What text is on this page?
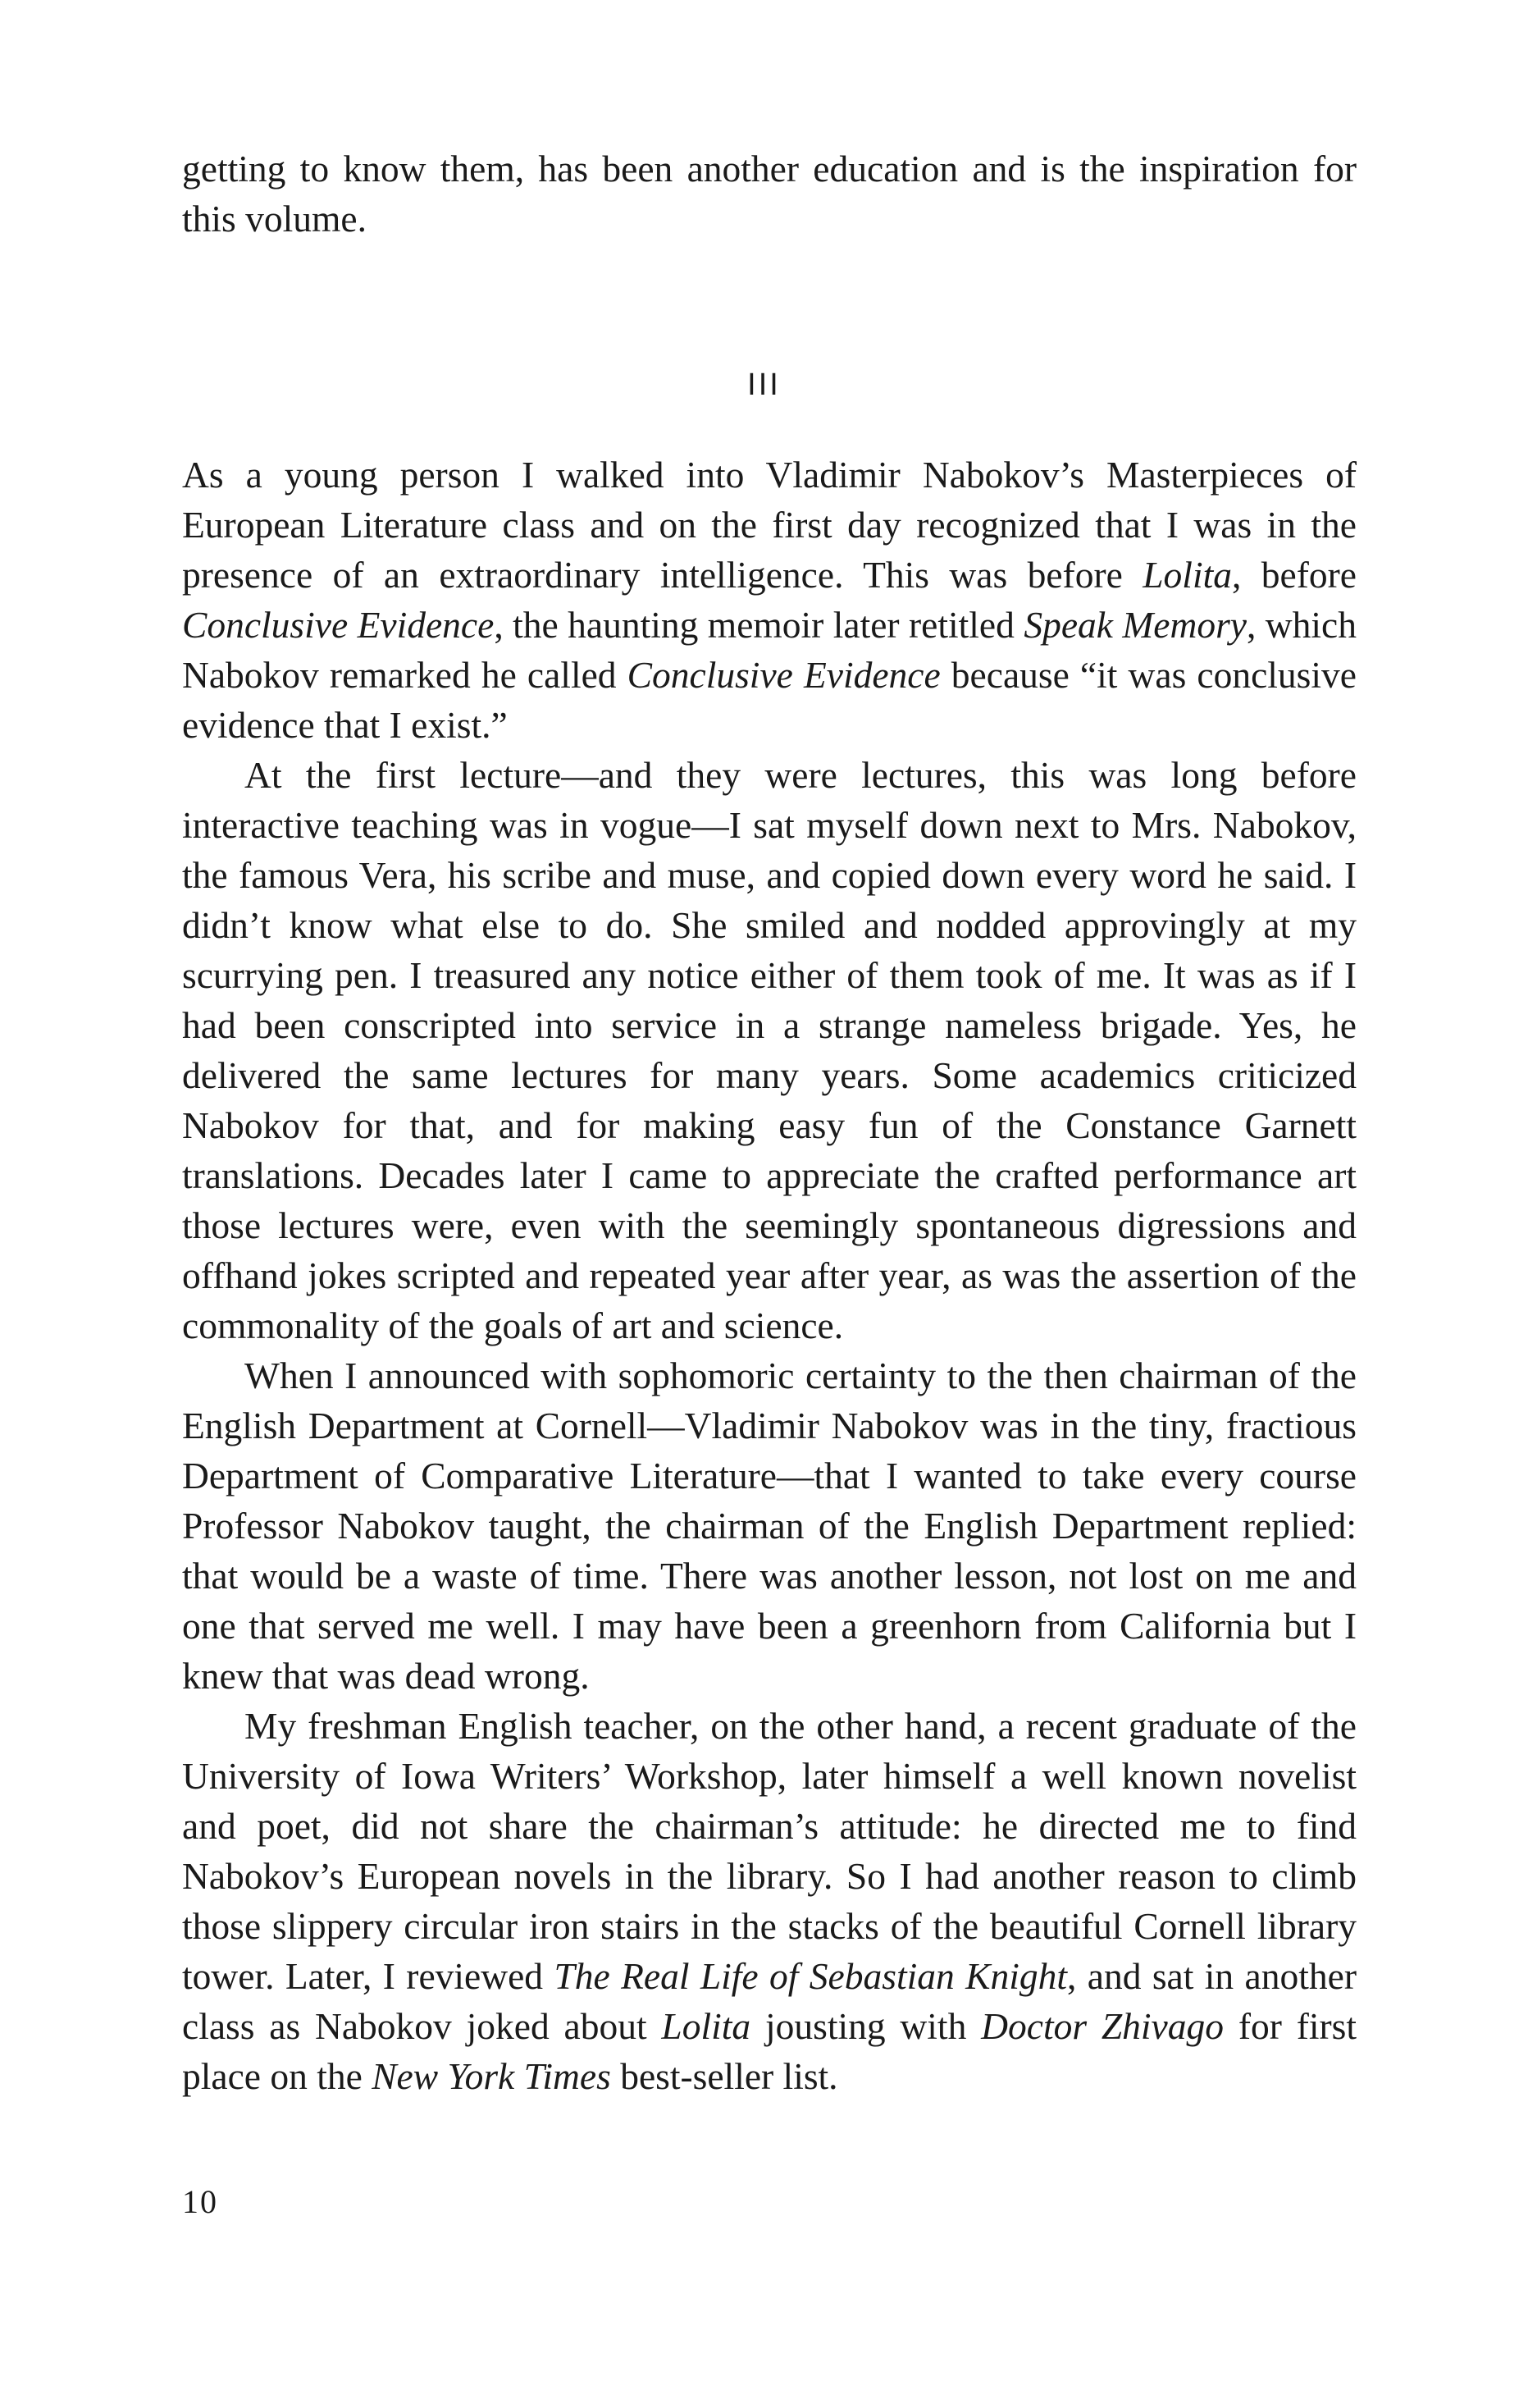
getting to know them, has been another education and is the inspiration for this volume.

III

As a young person I walked into Vladimir Nabokov’s Masterpieces of European Literature class and on the first day recognized that I was in the presence of an extraordinary intelligence. This was before Lolita, before Conclusive Evidence, the haunting memoir later retitled Speak Memory, which Nabokov remarked he called Conclusive Evidence because “it was conclusive evidence that I exist.”

At the first lecture—and they were lectures, this was long before interactive teaching was in vogue—I sat myself down next to Mrs. Nabokov, the famous Vera, his scribe and muse, and copied down every word he said. I didn’t know what else to do. She smiled and nodded approvingly at my scurrying pen. I treasured any notice either of them took of me. It was as if I had been conscripted into service in a strange nameless brigade. Yes, he delivered the same lectures for many years. Some academics criticized Nabokov for that, and for making easy fun of the Constance Garnett translations. Decades later I came to appreciate the crafted performance art those lectures were, even with the seemingly spontaneous digressions and offhand jokes scripted and repeated year after year, as was the assertion of the commonality of the goals of art and science.

When I announced with sophomoric certainty to the then chairman of the English Department at Cornell—Vladimir Nabokov was in the tiny, fractious Department of Comparative Literature—that I wanted to take every course Professor Nabokov taught, the chairman of the English Department replied: that would be a waste of time. There was another lesson, not lost on me and one that served me well. I may have been a greenhorn from California but I knew that was dead wrong.

My freshman English teacher, on the other hand, a recent graduate of the University of Iowa Writers’ Workshop, later himself a well known novelist and poet, did not share the chairman’s attitude: he directed me to find Nabokov’s European novels in the library. So I had another reason to climb those slippery circular iron stairs in the stacks of the beautiful Cornell library tower. Later, I reviewed The Real Life of Sebastian Knight, and sat in another class as Nabokov joked about Lolita jousting with Doctor Zhivago for first place on the New York Times best-seller list.

10
